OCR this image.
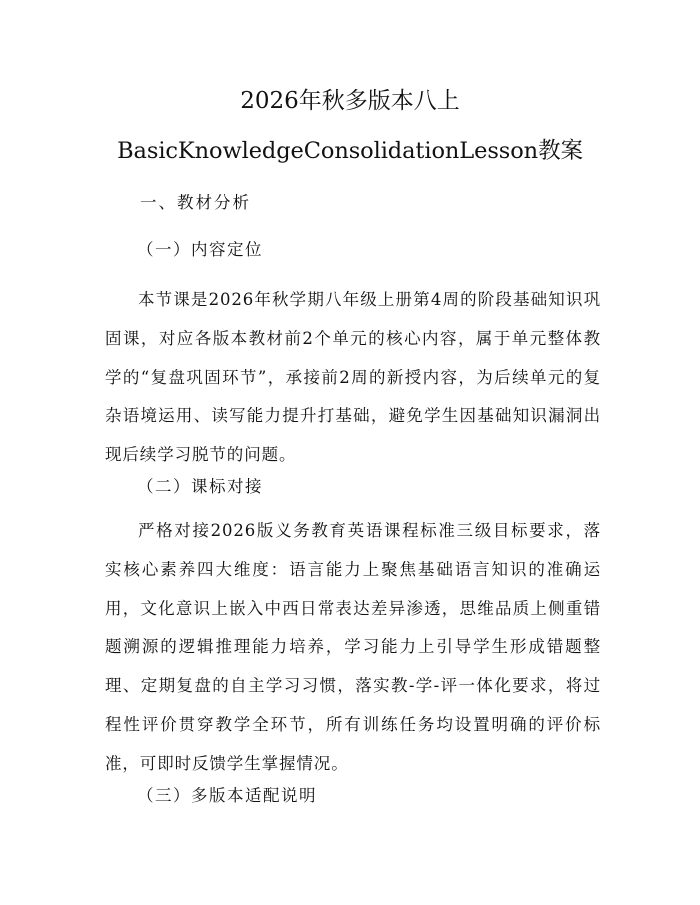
2026年秋多版本八上
BasicKnowledgeConsolidationLesson教案
一、教材分析
（一）内容定位

本节课是2026年秋学期八年级上册第4周的阶段基础知识巩固课，对应各版本教材前2个单元的核心内容，属于单元整体教学的“复盘巩固环节”，承接前2周的新授内容，为后续单元的复杂语境运用、读写能力提升打基础，避免学生因基础知识漏洞出现后续学习脱节的问题。

（二）课标对接

严格对接2026版义务教育英语课程标准三级目标要求，落实核心素养四大维度：语言能力上聚焦基础语言知识的准确运用，文化意识上嵌入中西日常表达差异渗透，思维品质上侧重错题溯源的逻辑推理能力培养，学习能力上引导学生形成错题整理、定期复盘的自主学习习惯，落实教-学-评一体化要求，将过程性评价贯穿教学全环节，所有训练任务均设置明确的评价标准，可即时反馈学生掌握情况。

（三）多版本适配说明
